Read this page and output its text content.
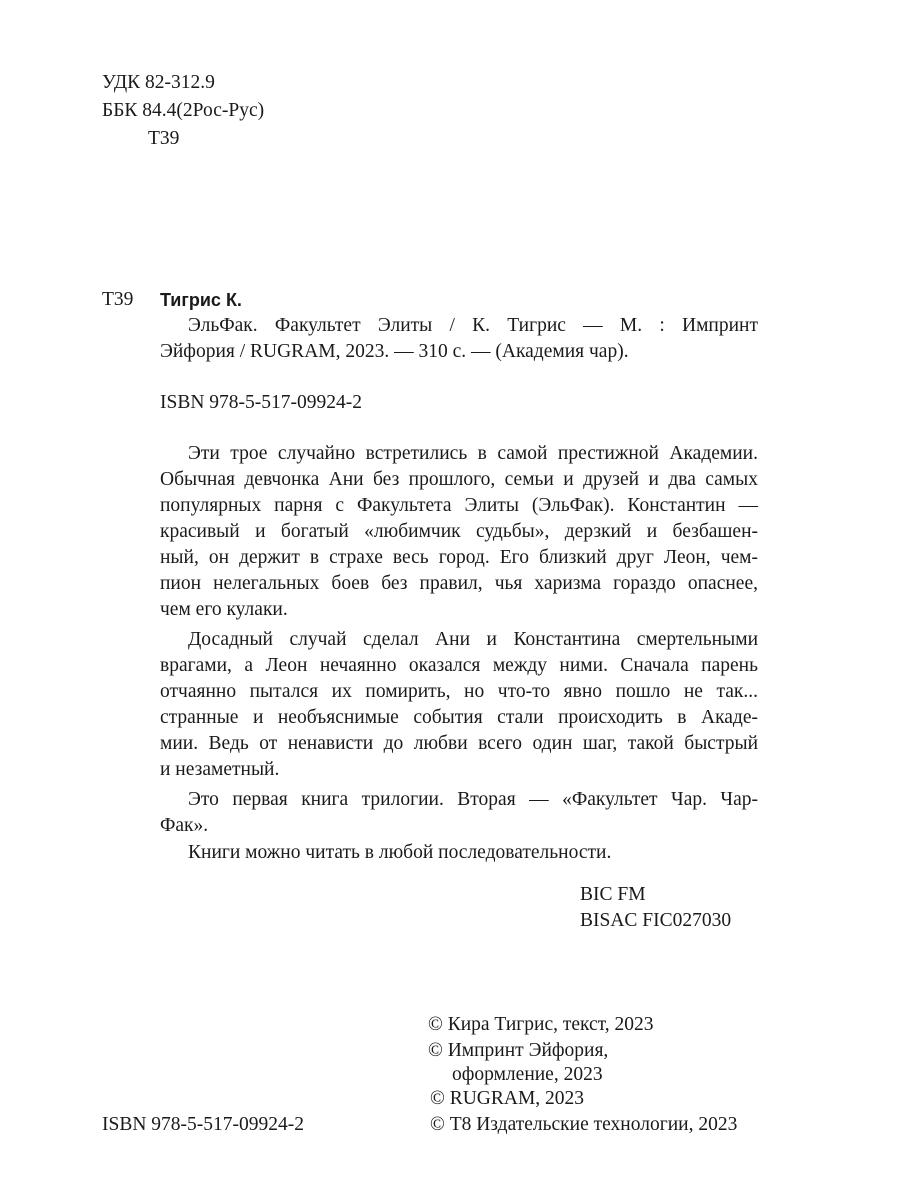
УДК 82-312.9
ББК 84.4(2Рос-Рус)
Т39
Т39 Тигрис К.
ЭльФак. Факультет Элиты / К. Тигрис — М. : Импринт
Эйфория / RUGRAM, 2023. — 310 с. — (Академия чар).
ISBN 978-5-517-09924-2
Эти трое случайно встретились в самой престижной Академии.
Обычная девчонка Ани без прошлого, семьи и друзей и два самых
популярных парня с Факультета Элиты (ЭльФак). Константин —
красивый и богатый «любимчик судьбы», дерзкий и безбашен-
ный, он держит в страхе весь город. Его близкий друг Леон, чем-
пион нелегальных боев без правил, чья харизма гораздо опаснее,
чем его кулаки.
Досадный случай сделал Ани и Константина смертельными
врагами, а Леон нечаянно оказался между ними. Сначала парень
отчаянно пытался их помирить, но что-то явно пошло не так...
странные и необъяснимые события стали происходить в Акаде-
мии. Ведь от ненависти до любви всего один шаг, такой быстрый
и незаметный.
Это первая книга трилогии. Вторая — «Факультет Чар. Чар-
Фак».
Книги можно читать в любой последовательности.
BIC FM
BISAC FIC027030
© Кира Тигрис, текст, 2023
© Импринт Эйфория,
оформление, 2023
© RUGRAM, 2023
© Т8 Издательские технологии, 2023
ISBN 978-5-517-09924-2
